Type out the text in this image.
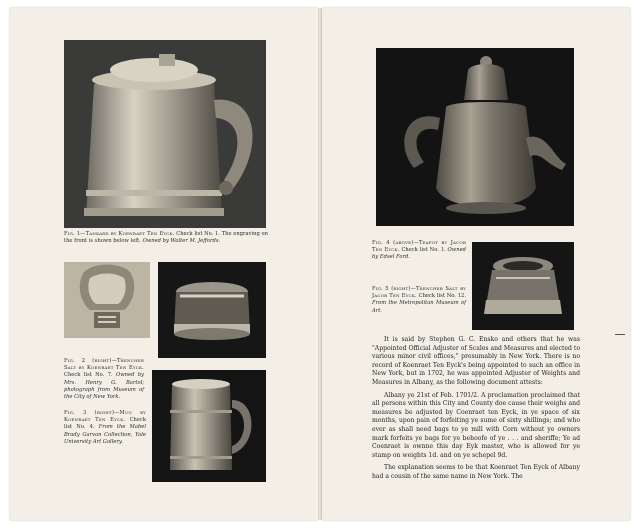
Fig. 1—Tankard by Koenraet Ten Eyck. Check list No. 1. The engraving on the front is shown below left. Owned by Walter M. Jeffords.
Fig. 2 (right)—Trencher Salt by Koenraet Ten Eyck. Check list No. 7. Owned by Mrs. Henry G. Bartol; photograph from Museum of the City of New York.
Fig. 3 (right)—Mug by Koenraet Ten Eyck. Check list No. 4. From the Mabel Brady Garvan Collection, Yale University Art Gallery.
Fig. 4 (above)—Teapot by Jacob Ten Eyck. Check list No. 1. Owned by Edsel Ford.
Fig. 5 (right)—Trencher Salt by Jacob Ten Eyck. Check list No. 12. From the Metropolitan Museum of Art.

It is said by Stephen G. C. Ensko and others that he was "Appointed Official Adjuster of Scales and Measures and elected to various minor civil offices," presumably in New York. There is no record of Koenraet Ten Eyck's being appointed to such an office in New York, but in 1702, he was appointed Adjuster of Weights and Measures in Albany, as the following document attests:

Albany ye 21st of Feb. 1701/2. A proclamation proclaimed that all persons within this City and County doe cause their weighs and measures be adjusted by Coenraet ten Eyck, in ye space of six months, upon pain of forfeiting ye sume of sixty shillings; and who ever as shall need bags to ye mill with Corn without ye owners mark forfeits ye bags for ye behoofe of ye . . . and sheriffe; Ye ad Coenraet is ownne this day Eyk master, who is allowed for ye stamp on weights 1d. and on ye schepel 9d.

The explanation seems to be that Koenraet Ten Eyck of Albany had a cousin of the same name in New York. The
